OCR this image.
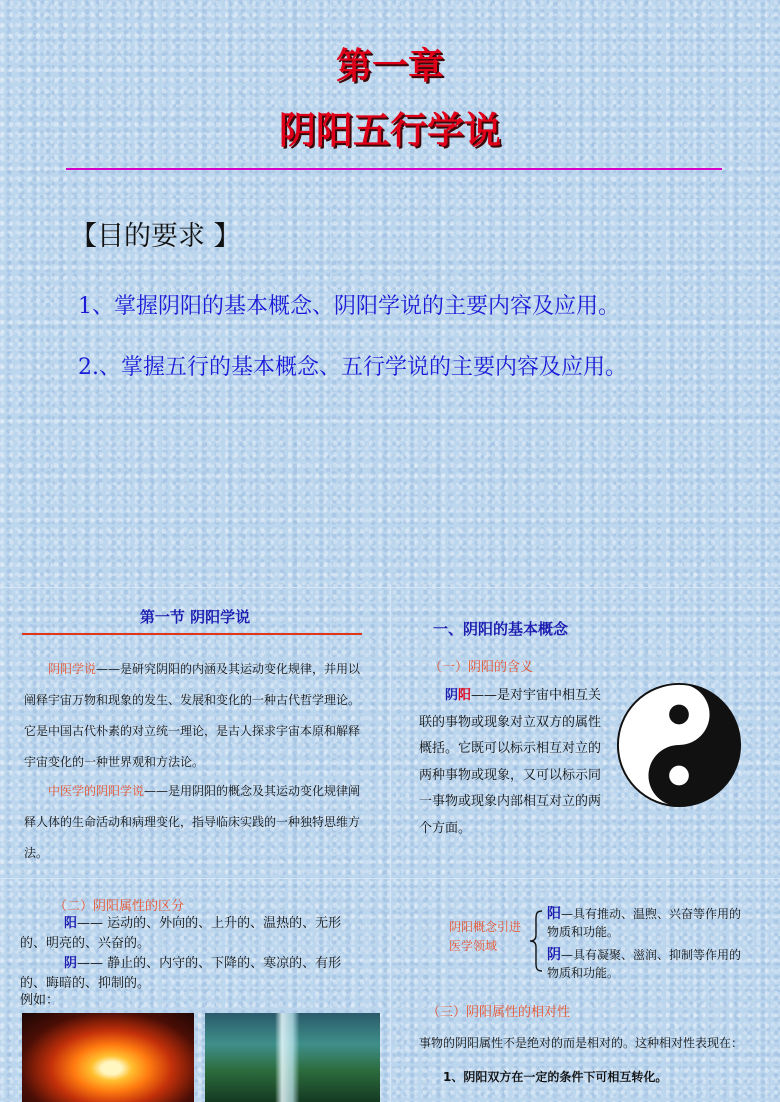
第一章
阴阳五行学说
【目的要求 】
1、掌握阴阳的基本概念、阴阳学说的主要内容及应用。
2.、掌握五行的基本概念、五行学说的主要内容及应用。
第一节 阴阳学说
阴阳学说——是研究阴阳的内涵及其运动变化规律，并用以阐释宇宙万物和现象的发生、发展和变化的一种古代哲学理论。它是中国古代朴素的对立统一理论，是古人探求宇宙本原和解释宇宙变化的一种世界观和方法论。
中医学的阴阳学说——是用阴阳的概念及其运动变化规律阐释人体的生命活动和病理变化，指导临床实践的一种独特思维方法。
一、阴阳的基本概念
（一）阴阳的含义
阴阳——是对宇宙中相互关联的事物或现象对立双方的属性概括。它既可以标示相互对立的两种事物或现象，又可以标示同一事物或现象内部相互对立的两个方面。
（二）阴阳属性的区分
阳—— 运动的、外向的、上升的、温热的、无形的、明亮的、兴奋的。
阴—— 静止的、内守的、下降的、寒凉的、有形的、晦暗的、抑制的。
例如：
阴阳概念引进医学领域
阳—具有推动、温煦、兴奋等作用的物质和功能。
阴—具有凝聚、滋润、抑制等作用的物质和功能。
（三）阴阳属性的相对性
事物的阴阳属性不是绝对的而是相对的。这种相对性表现在：
1、阴阳双方在一定的条件下可相互转化。
